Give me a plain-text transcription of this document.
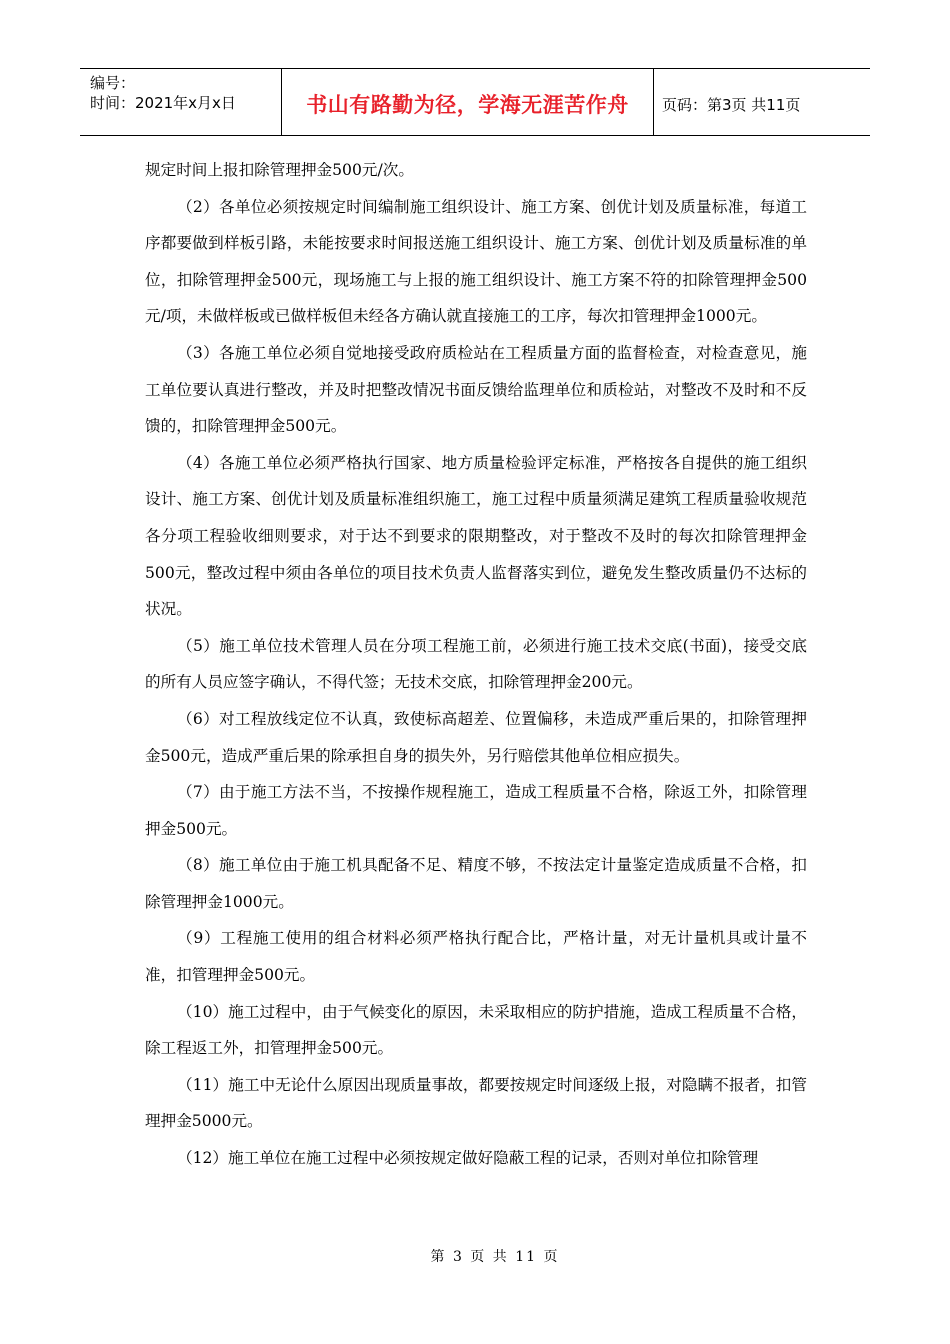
编号：
时间：2021年x月x日	书山有路勤为径，学海无涯苦作舟	页码：第3页 共11页

规定时间上报扣除管理押金500元/次。

（2）各单位必须按规定时间编制施工组织设计、施工方案、创优计划及质量标准，每道工序都要做到样板引路，未能按要求时间报送施工组织设计、施工方案、创优计划及质量标准的单位，扣除管理押金500元，现场施工与上报的施工组织设计、施工方案不符的扣除管理押金500元/项，未做样板或已做样板但未经各方确认就直接施工的工序，每次扣管理押金1000元。

（3）各施工单位必须自觉地接受政府质检站在工程质量方面的监督检查，对检查意见，施工单位要认真进行整改，并及时把整改情况书面反馈给监理单位和质检站，对整改不及时和不反馈的，扣除管理押金500元。

（4）各施工单位必须严格执行国家、地方质量检验评定标准，严格按各自提供的施工组织设计、施工方案、创优计划及质量标准组织施工，施工过程中质量须满足建筑工程质量验收规范各分项工程验收细则要求，对于达不到要求的限期整改，对于整改不及时的每次扣除管理押金500元，整改过程中须由各单位的项目技术负责人监督落实到位，避免发生整改质量仍不达标的状况。

（5）施工单位技术管理人员在分项工程施工前，必须进行施工技术交底(书面)，接受交底的所有人员应签字确认，不得代签；无技术交底，扣除管理押金200元。

（6）对工程放线定位不认真，致使标高超差、位置偏移，未造成严重后果的，扣除管理押金500元，造成严重后果的除承担自身的损失外，另行赔偿其他单位相应损失。

（7）由于施工方法不当，不按操作规程施工，造成工程质量不合格，除返工外，扣除管理押金500元。

（8）施工单位由于施工机具配备不足、精度不够，不按法定计量鉴定造成质量不合格，扣除管理押金1000元。

（9）工程施工使用的组合材料必须严格执行配合比，严格计量，对无计量机具或计量不准，扣管理押金500元。

（10）施工过程中，由于气候变化的原因，未采取相应的防护措施，造成工程质量不合格，除工程返工外，扣管理押金500元。

（11）施工中无论什么原因出现质量事故，都要按规定时间逐级上报，对隐瞒不报者，扣管理押金5000元。

（12）施工单位在施工过程中必须按规定做好隐蔽工程的记录，否则对单位扣除管理

第 3 页 共 11 页
